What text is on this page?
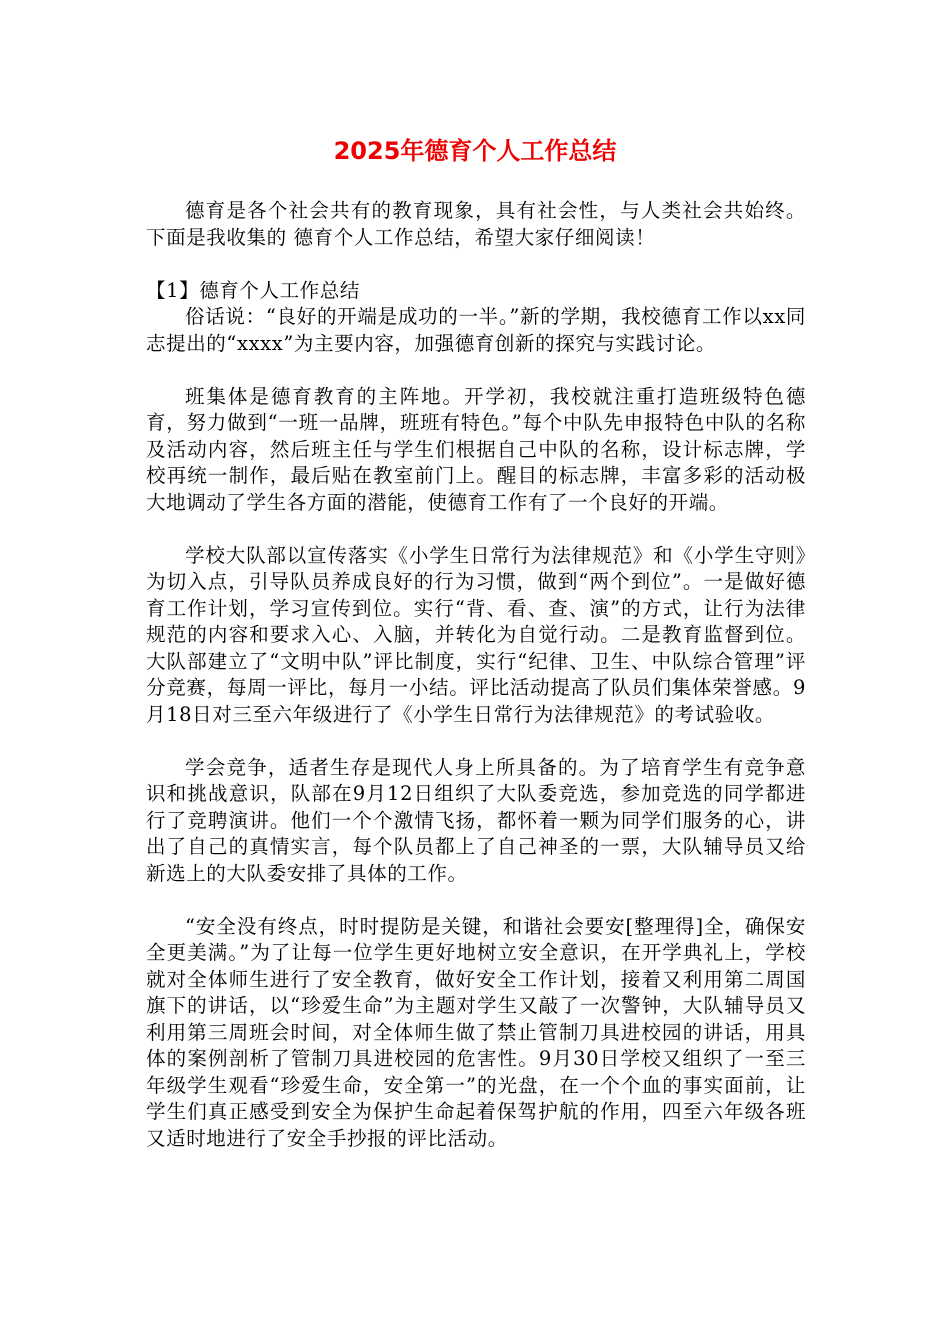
2025年德育个人工作总结

德育是各个社会共有的教育现象，具有社会性，与人类社会共始终。下面是我收集的 德育个人工作总结，希望大家仔细阅读！

【1】德育个人工作总结

俗话说：“良好的开端是成功的一半。”新的学期，我校德育工作以xx同志提出的“xxxx”为主要内容，加强德育创新的探究与实践讨论。

班集体是德育教育的主阵地。开学初，我校就注重打造班级特色德育，努力做到“一班一品牌，班班有特色。”每个中队先申报特色中队的名称及活动内容，然后班主任与学生们根据自己中队的名称，设计标志牌，学校再统一制作，最后贴在教室前门上。醒目的标志牌，丰富多彩的活动极大地调动了学生各方面的潜能，使德育工作有了一个良好的开端。

学校大队部以宣传落实《小学生日常行为法律规范》和《小学生守则》为切入点，引导队员养成良好的行为习惯，做到“两个到位”。一是做好德育工作计划，学习宣传到位。实行“背、看、查、演”的方式，让行为法律规范的内容和要求入心、入脑，并转化为自觉行动。二是教育监督到位。大队部建立了“文明中队”评比制度，实行“纪律、卫生、中队综合管理”评分竞赛，每周一评比，每月一小结。评比活动提高了队员们集体荣誉感。9月18日对三至六年级进行了《小学生日常行为法律规范》的考试验收。

学会竞争，适者生存是现代人身上所具备的。为了培育学生有竞争意识和挑战意识，队部在9月12日组织了大队委竞选，参加竞选的同学都进行了竞聘演讲。他们一个个激情飞扬，都怀着一颗为同学们服务的心，讲出了自己的真情实言，每个队员都上了自己神圣的一票，大队辅导员又给新选上的大队委安排了具体的工作。

“安全没有终点，时时提防是关键，和谐社会要安[整理得]全，确保安全更美满。”为了让每一位学生更好地树立安全意识，在开学典礼上，学校就对全体师生进行了安全教育，做好安全工作计划，接着又利用第二周国旗下的讲话，以“珍爱生命”为主题对学生又敲了一次警钟，大队辅导员又利用第三周班会时间，对全体师生做了禁止管制刀具进校园的讲话，用具体的案例剖析了管制刀具进校园的危害性。9月30日学校又组织了一至三年级学生观看“珍爱生命，安全第一”的光盘，在一个个血的事实面前，让学生们真正感受到安全为保护生命起着保驾护航的作用，四至六年级各班又适时地进行了安全手抄报的评比活动。
